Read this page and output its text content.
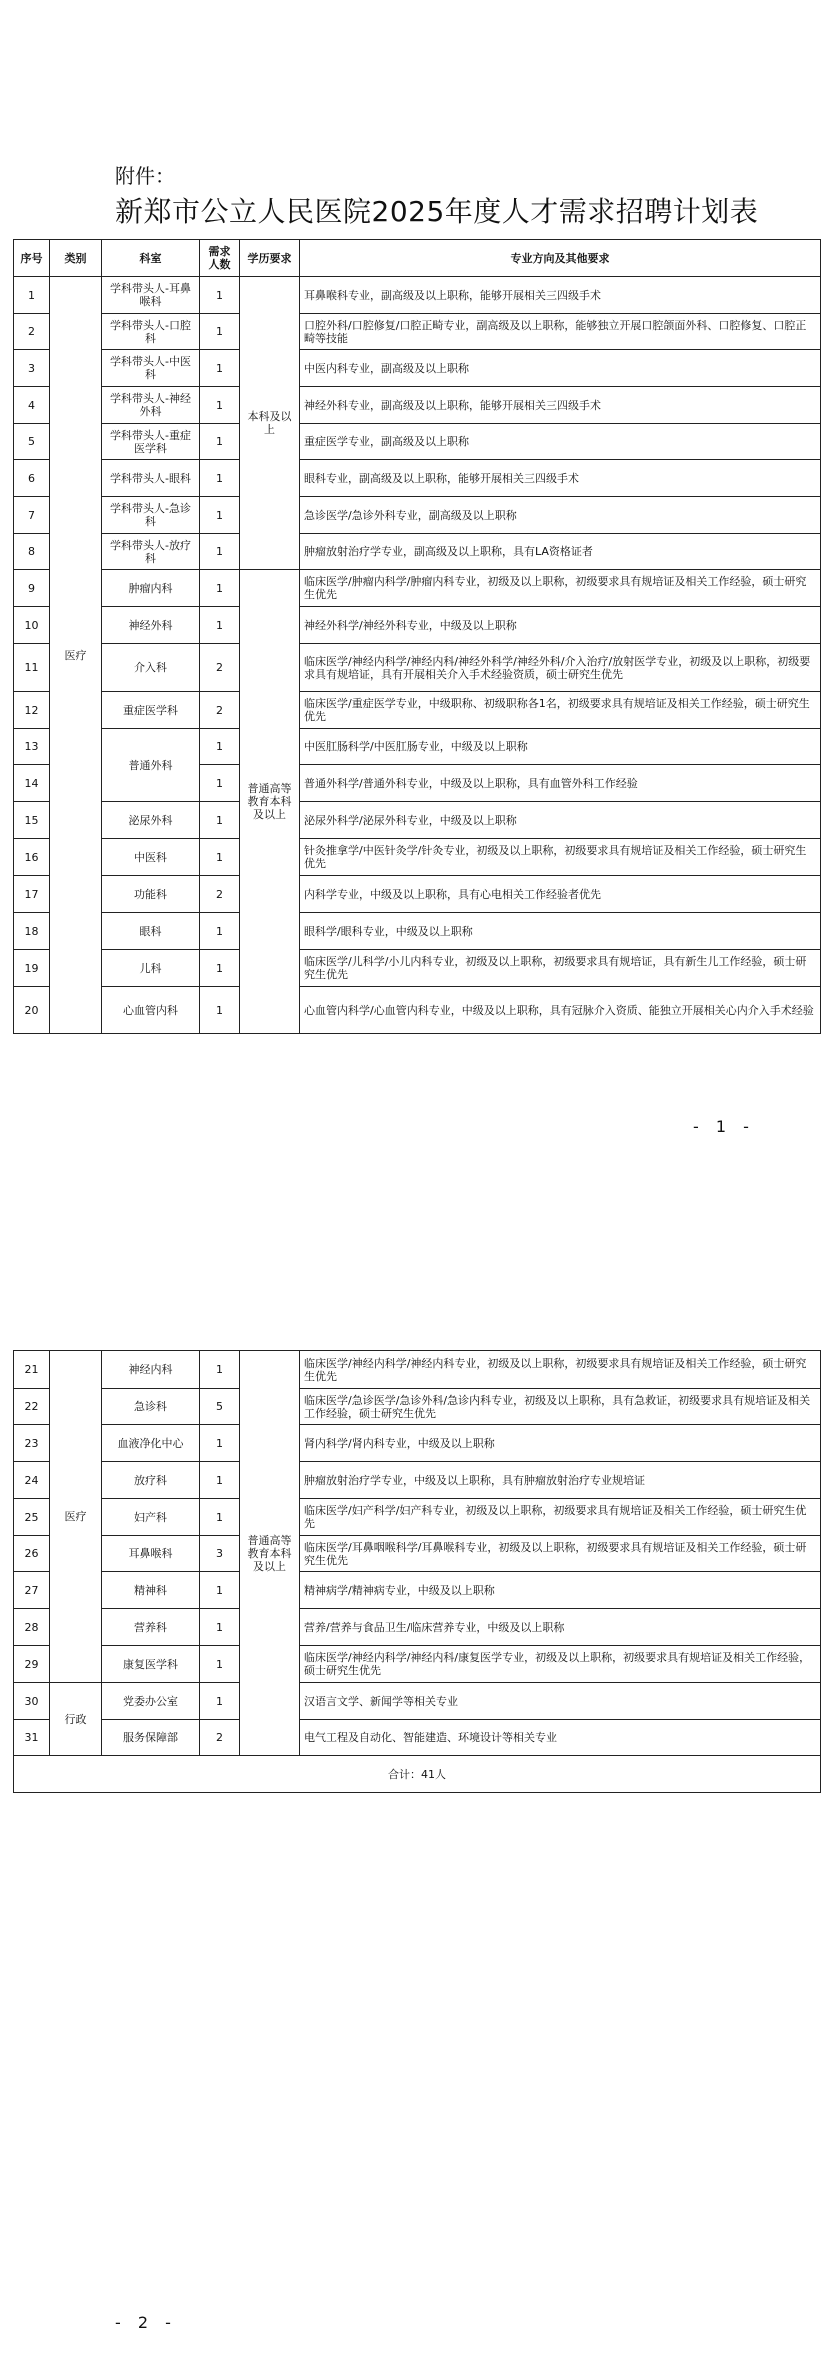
附件：
新郑市公立人民医院2025年度人才需求招聘计划表
序号	类别	科室	需求人数	学历要求	专业方向及其他要求
1	医疗	学科带头人-耳鼻喉科	1	本科及以上	耳鼻喉科专业，副高级及以上职称，能够开展相关三四级手术
2		学科带头人-口腔科	1		口腔外科/口腔修复/口腔正畸专业，副高级及以上职称，能够独立开展口腔颌面外科、口腔修复、口腔正畸等技能
3		学科带头人-中医科	1		中医内科专业，副高级及以上职称
4		学科带头人-神经外科	1		神经外科专业，副高级及以上职称，能够开展相关三四级手术
5		学科带头人-重症医学科	1		重症医学专业，副高级及以上职称
6		学科带头人-眼科	1		眼科专业，副高级及以上职称，能够开展相关三四级手术
7		学科带头人-急诊科	1		急诊医学/急诊外科专业，副高级及以上职称
8		学科带头人-放疗科	1		肿瘤放射治疗学专业，副高级及以上职称，具有LA资格证者
9		肿瘤内科	1	普通高等教育本科及以上	临床医学/肿瘤内科学/肿瘤内科专业，初级及以上职称，初级要求具有规培证及相关工作经验，硕士研究生优先
10		神经外科	1		神经外科学/神经外科专业，中级及以上职称
11		介入科	2		临床医学/神经内科学/神经内科/神经外科学/神经外科/介入治疗/放射医学专业，初级及以上职称，初级要求具有规培证，具有开展相关介入手术经验资质，硕士研究生优先
12		重症医学科	2		临床医学/重症医学专业，中级职称、初级职称各1名，初级要求具有规培证及相关工作经验，硕士研究生优先
13		普通外科	1		中医肛肠科学/中医肛肠专业，中级及以上职称
14			1		普通外科学/普通外科专业，中级及以上职称，具有血管外科工作经验
15		泌尿外科	1		泌尿外科学/泌尿外科专业，中级及以上职称
16		中医科	1		针灸推拿学/中医针灸学/针灸专业，初级及以上职称，初级要求具有规培证及相关工作经验，硕士研究生优先
17		功能科	2		内科学专业，中级及以上职称，具有心电相关工作经验者优先
18		眼科	1		眼科学/眼科专业，中级及以上职称
19		儿科	1		临床医学/儿科学/小儿内科专业，初级及以上职称，初级要求具有规培证，具有新生儿工作经验，硕士研究生优先
20		心血管内科	1		心血管内科学/心血管内科专业，中级及以上职称，具有冠脉介入资质、能独立开展相关心内介入手术经验
- 1 -
21	医疗	神经内科	1	普通高等教育本科及以上	临床医学/神经内科学/神经内科专业，初级及以上职称，初级要求具有规培证及相关工作经验，硕士研究生优先
22		急诊科	5		临床医学/急诊医学/急诊外科/急诊内科专业，初级及以上职称，具有急救证，初级要求具有规培证及相关工作经验，硕士研究生优先
23		血液净化中心	1		肾内科学/肾内科专业，中级及以上职称
24		放疗科	1		肿瘤放射治疗学专业，中级及以上职称，具有肿瘤放射治疗专业规培证
25		妇产科	1		临床医学/妇产科学/妇产科专业，初级及以上职称，初级要求具有规培证及相关工作经验，硕士研究生优先
26		耳鼻喉科	3		临床医学/耳鼻咽喉科学/耳鼻喉科专业，初级及以上职称，初级要求具有规培证及相关工作经验，硕士研究生优先
27		精神科	1		精神病学/精神病专业，中级及以上职称
28		营养科	1		营养/营养与食品卫生/临床营养专业，中级及以上职称
29		康复医学科	1		临床医学/神经内科学/神经内科/康复医学专业，初级及以上职称，初级要求具有规培证及相关工作经验，硕士研究生优先
30	行政	党委办公室	1		汉语言文学、新闻学等相关专业
31		服务保障部	2		电气工程及自动化、智能建造、环境设计等相关专业
合计：41人					
- 2 -
